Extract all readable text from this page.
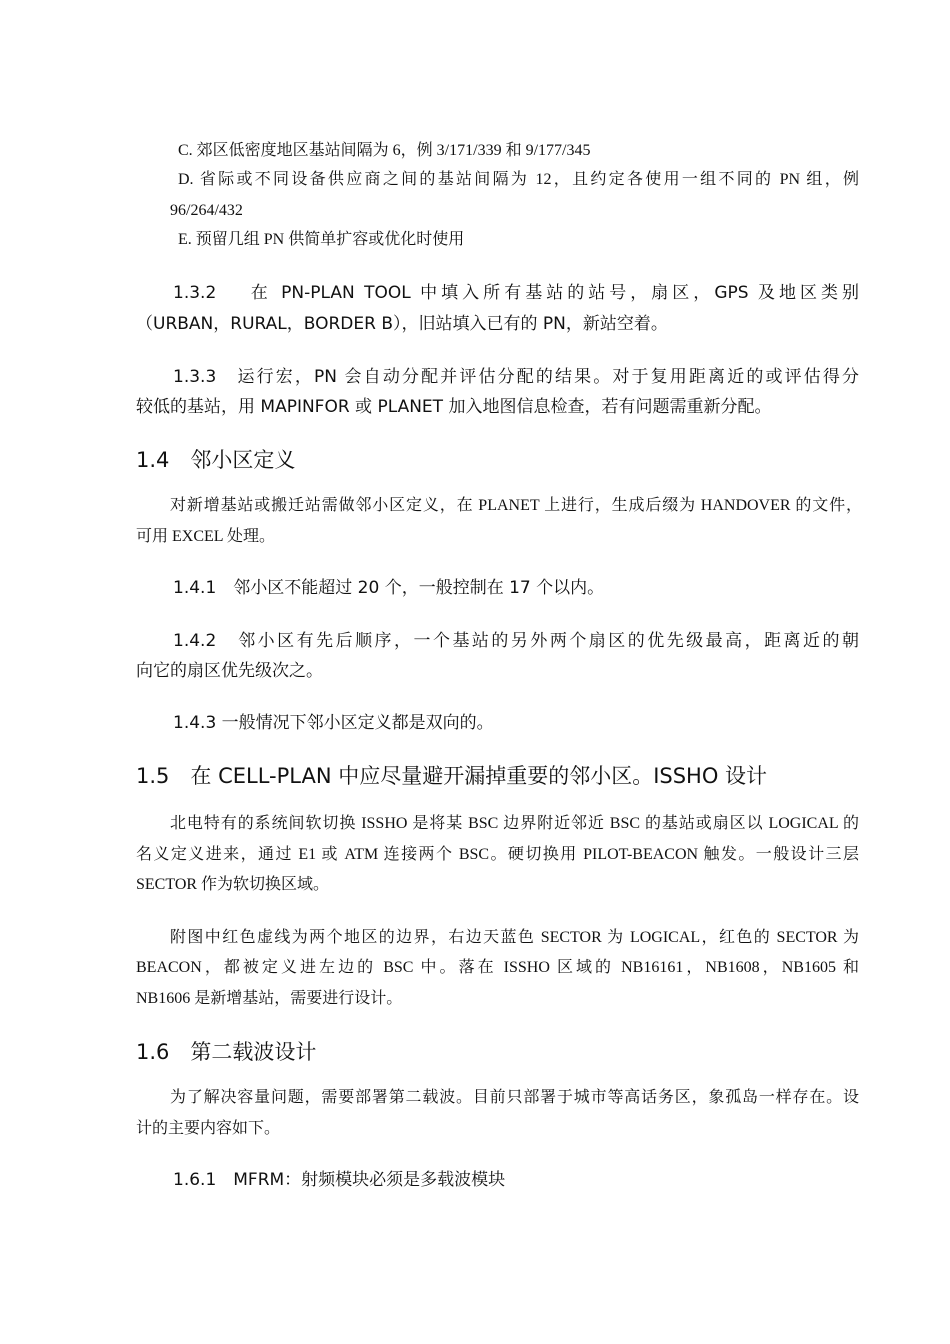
C. 郊区低密度地区基站间隔为 6，例 3/171/339 和 9/177/345
D. 省际或不同设备供应商之间的基站间隔为 12，且约定各使用一组不同的 PN 组，例
96/264/432
E. 预留几组 PN 供简单扩容或优化时使用
1.3.2　 在 PN-PLAN TOOL 中填入所有基站的站号，扇区，GPS 及地区类别
（URBAN，RURAL，BORDER B），旧站填入已有的 PN，新站空着。
1.3.3　运行宏，PN 会自动分配并评估分配的结果。对于复用距离近的或评估得分
较低的基站，用 MAPINFOR 或 PLANET 加入地图信息检查，若有问题需重新分配。
1.4　邻小区定义
对新增基站或搬迁站需做邻小区定义，在 PLANET 上进行，生成后缀为 HANDOVER 的文件，
可用 EXCEL 处理。
1.4.1　邻小区不能超过 20 个，一般控制在 17 个以内。
1.4.2　邻小区有先后顺序，一个基站的另外两个扇区的优先级最高，距离近的朝
向它的扇区优先级次之。
1.4.3 一般情况下邻小区定义都是双向的。
1.5　在 CELL-PLAN 中应尽量避开漏掉重要的邻小区。ISSHO 设计
北电特有的系统间软切换 ISSHO 是将某 BSC 边界附近邻近 BSC 的基站或扇区以 LOGICAL 的
名义定义进来，通过 E1 或 ATM 连接两个 BSC。硬切换用 PILOT-BEACON 触发。一般设计三层
SECTOR 作为软切换区域。
附图中红色虚线为两个地区的边界，右边天蓝色 SECTOR 为 LOGICAL，红色的 SECTOR 为
BEACON，都被定义进左边的 BSC 中。落在 ISSHO 区域的 NB16161，NB1608，NB1605 和
NB1606 是新增基站，需要进行设计。
1.6　第二载波设计
为了解决容量问题，需要部署第二载波。目前只部署于城市等高话务区，象孤岛一样存在。设
计的主要内容如下。
1.6.1　MFRM：射频模块必须是多载波模块
